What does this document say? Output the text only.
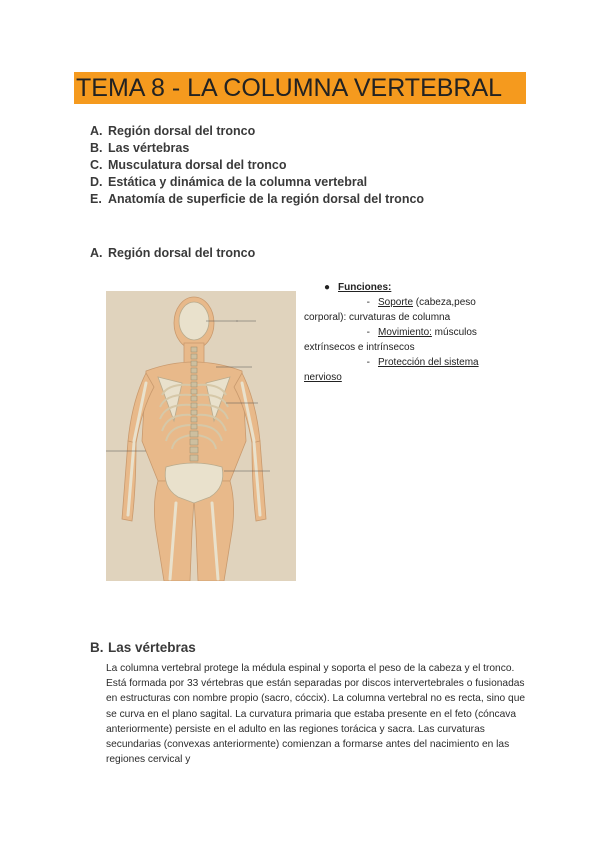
TEMA 8 - LA COLUMNA VERTEBRAL
A. Región dorsal del tronco
B. Las vértebras
C. Musculatura dorsal del tronco
D. Estática y dinámica de la columna vertebral
E. Anatomía de superficie de la región dorsal del tronco
A. Región dorsal del tronco
● Funciones:
- Soporte (cabeza,peso
corporal): curvaturas de columna
- Movimiento: músculos
extrínsecos e intrínsecos
- Protección del sistema
nervioso
B. Las vértebras
La columna vertebral protege la médula espinal y soporta el peso de la cabeza y el tronco. Está formada por 33 vértebras que están separadas por discos intervertebrales o fusionadas en estructuras con nombre propio (sacro, cóccix). La columna vertebral no es recta, sino que se curva en el plano sagital. La curvatura primaria que estaba presente en el feto (cóncava anteriormente) persiste en el adulto en las regiones torácica y sacra. Las curvaturas secundarias (convexas anteriormente) comienzan a formarse antes del nacimiento en las regiones cervical y
